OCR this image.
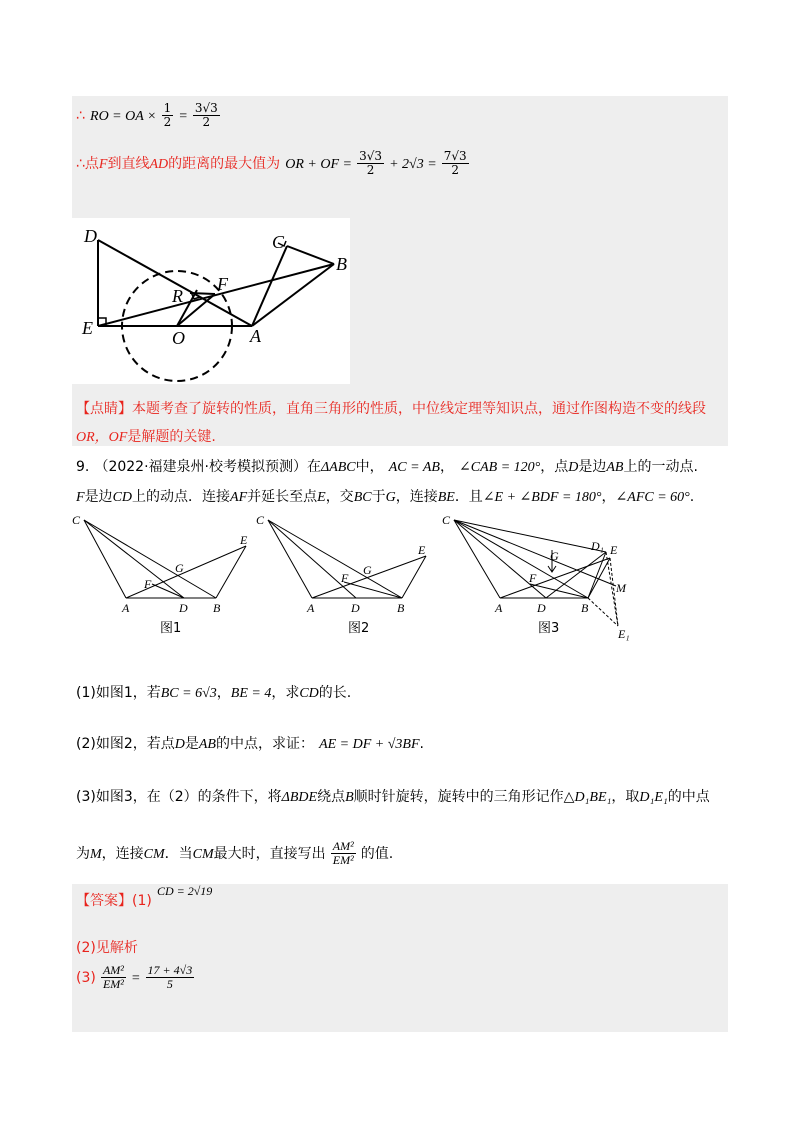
∴ RO = OA × $\frac{1}{2} = \frac{3√3}{2}$
∴点F到直线AD的距离的最大值为 OR + OF = $\frac{3√3}{2} + 2√3 = \frac{7√3}{2}$
D	C
B
R
F
E	O	A
【点睛】本题考查了旋转的性质，直角三角形的性质，中位线定理等知识点，通过作图构造不变的线段
OR，OF是解题的关键.
9. （2022·福建泉州·校考模拟预测）在ΔABC中， AC = AB， ∠CAB = 120°，点D是边AB上的一动点.
F是边CD上的动点．连接AF并延长至点E，交BC于G，连接BE．且∠E + ∠BDF = 180°，∠AFC = 60°.
C
E
G
F
A	D B
图1
C
E
G
F
A	D	B
图2
C
D₁ E
G
F
M
A	D	B
E₁
图3
(1)如图1，若BC = 6√3，BE = 4，求CD的长.
(2)如图2，若点D是AB的中点，求证： AE = DF + √3BF.
(3)如图3，在（2）的条件下，将ΔBDE绕点B顺时针旋转，旋转中的三角形记作△D₁BE₁，取D₁E₁的中点
为M，连接CM．当CM最大时，直接写出 $\frac{\text{AM²}}{\text{EM²}}$ 的值.
【答案】(1) $^{CD = 2√19}$
(2)见解析
$(3) \frac{\text{AM²}}{\text{EM²}} = \frac{17 + 4√3}{5}$
